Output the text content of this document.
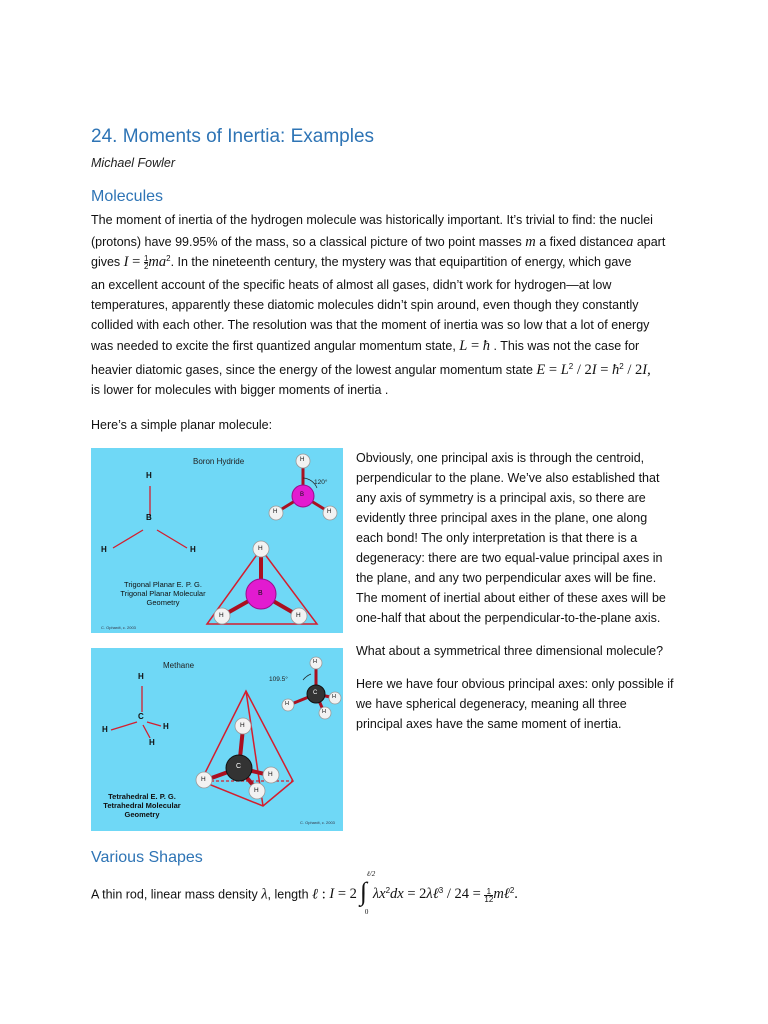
24. Moments of Inertia: Examples
Michael Fowler
Molecules
The moment of inertia of the hydrogen molecule was historically important. It’s trivial to find: the nuclei
(protons) have 99.95% of the mass, so a classical picture of two point masses m a fixed distancea apart
gives $I = \frac{1}{2} ma^2$. In the nineteenth century, the mystery was that equipartition of energy, which gave
an excellent account of the specific heats of almost all gases, didn’t work for hydrogen—at low
temperatures, apparently these diatomic molecules didn’t spin around, even though they constantly
collided with each other. The resolution was that the moment of inertia was so low that a lot of energy
was needed to excite the first quantized angular momentum state, L = ħ . This was not the case for
heavier diatomic gases, since the energy of the lowest angular momentum state $E = L^2 / 2I$ = $ħ^2 / 2I$,
is lower for molecules with bigger moments of inertia .
Here’s a simple planar molecule:
Boron Hydride
120°
H
B
H	H
H
B
H	H
H
B
H	H
Trigonal Planar E. P. G.
Trigonal Planar Molecular
Geometry
C. Ophardt, c. 2003
Methane
109.5°
H
C
H	H
H
H
C
H
H
H
H
C
H
H
H
Tetrahedral E. P. G.
Tetrahedral Molecular
Geometry
C. Ophardt, c. 2003
Obviously, one principal axis is through the centroid,
perpendicular to the plane. We’ve also established that
any axis of symmetry is a principal axis, so there are
evidently three principal axes in the plane, one along
each bond! The only interpretation is that there is a
degeneracy: there are two equal-value principal axes in
the plane, and any two perpendicular axes will be fine.
The moment of inertial about either of these axes will be
one-half that about the perpendicular-to-the-plane axis.
What about a symmetrical three dimensional molecule?
Here we have four obvious principal axes: only possible if
we have spherical degeneracy, meaning all three
principal axes have the same moment of inertia.
Various Shapes
A thin rod, linear mass density λ, length ℓ : I = 2 ∫
ℓ/2
0
$\lambda x^2dx$ = 2λℓ$^3$ / $24 = \frac{1}{12}$ mℓ$^2$.
